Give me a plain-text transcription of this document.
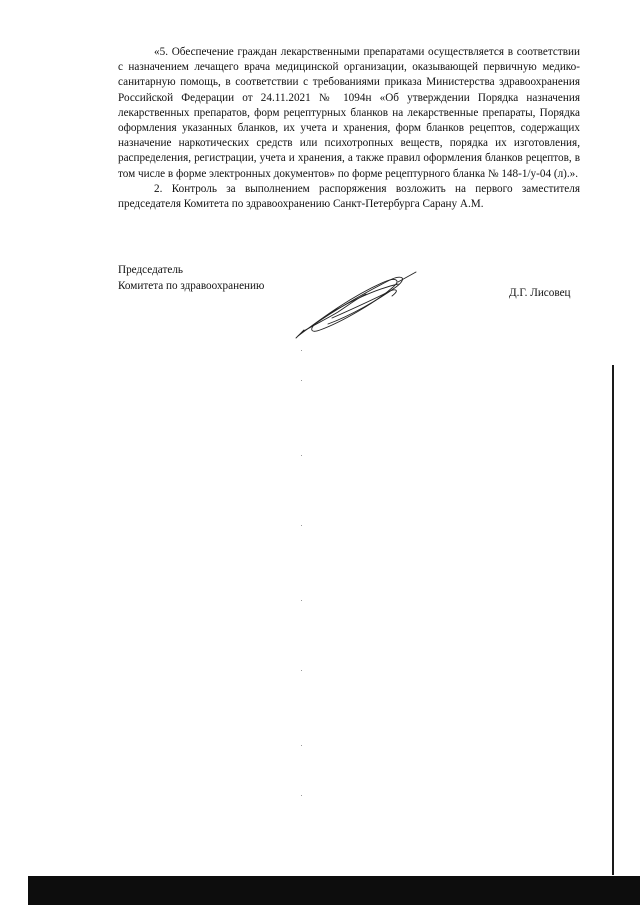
«5. Обеспечение граждан лекарственными препаратами осуществляется в соответствии с назначением лечащего врача медицинской организации, оказывающей первичную медико-санитарную помощь, в соответствии с требованиями приказа Министерства здравоохранения Российской Федерации от 24.11.2021 № 1094н «Об утверждении Порядка назначения лекарственных препаратов, форм рецептурных бланков на лекарственные препараты, Порядка оформления указанных бланков, их учета и хранения, форм бланков рецептов, содержащих назначение наркотических средств или психотропных веществ, порядка их изготовления, распределения, регистрации, учета и хранения, а также правил оформления бланков рецептов, в том числе в форме электронных документов» по форме рецептурного бланка № 148-1/у-04 (л).».

2. Контроль за выполнением распоряжения возложить на первого заместителя председателя Комитета по здравоохранению Санкт-Петербурга Сарану А.М.

Председатель
Комитета по здравоохранению
Д.Г. Лисовец
